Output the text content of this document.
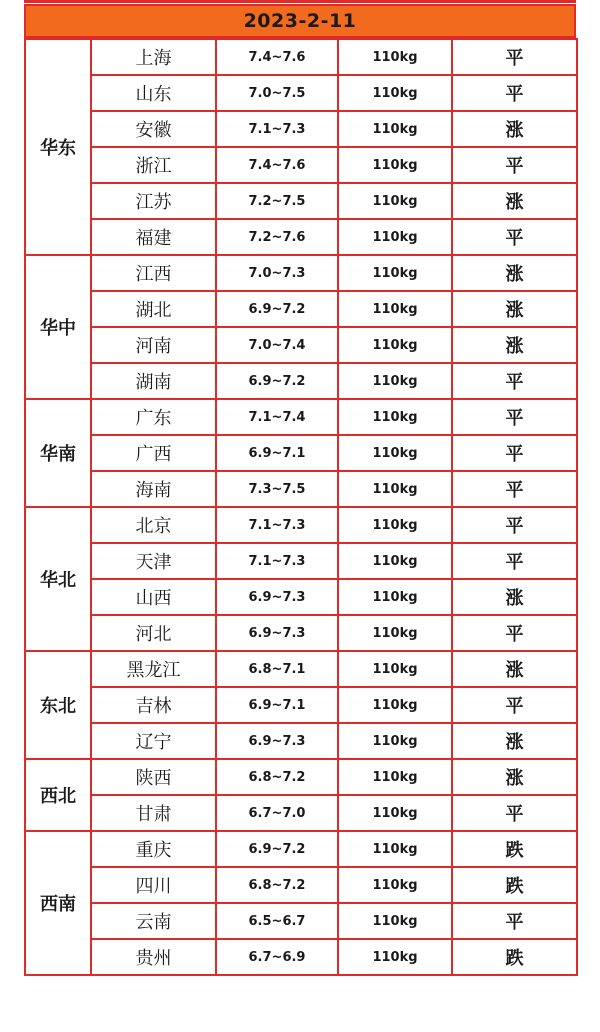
2023-2-11
华东	上海	7.4~7.6	110kg	平
	山东	7.0~7.5	110kg	平
	安徽	7.1~7.3	110kg	涨
	浙江	7.4~7.6	110kg	平
	江苏	7.2~7.5	110kg	涨
	福建	7.2~7.6	110kg	平
华中	江西	7.0~7.3	110kg	涨
	湖北	6.9~7.2	110kg	涨
	河南	7.0~7.4	110kg	涨
	湖南	6.9~7.2	110kg	平
华南	广东	7.1~7.4	110kg	平
	广西	6.9~7.1	110kg	平
	海南	7.3~7.5	110kg	平
华北	北京	7.1~7.3	110kg	平
	天津	7.1~7.3	110kg	平
	山西	6.9~7.3	110kg	涨
	河北	6.9~7.3	110kg	平
东北	黑龙江	6.8~7.1	110kg	涨
	吉林	6.9~7.1	110kg	平
	辽宁	6.9~7.3	110kg	涨
西北	陕西	6.8~7.2	110kg	涨
	甘肃	6.7~7.0	110kg	平
西南	重庆	6.9~7.2	110kg	跌
	四川	6.8~7.2	110kg	跌
	云南	6.5~6.7	110kg	平
	贵州	6.7~6.9	110kg	跌
